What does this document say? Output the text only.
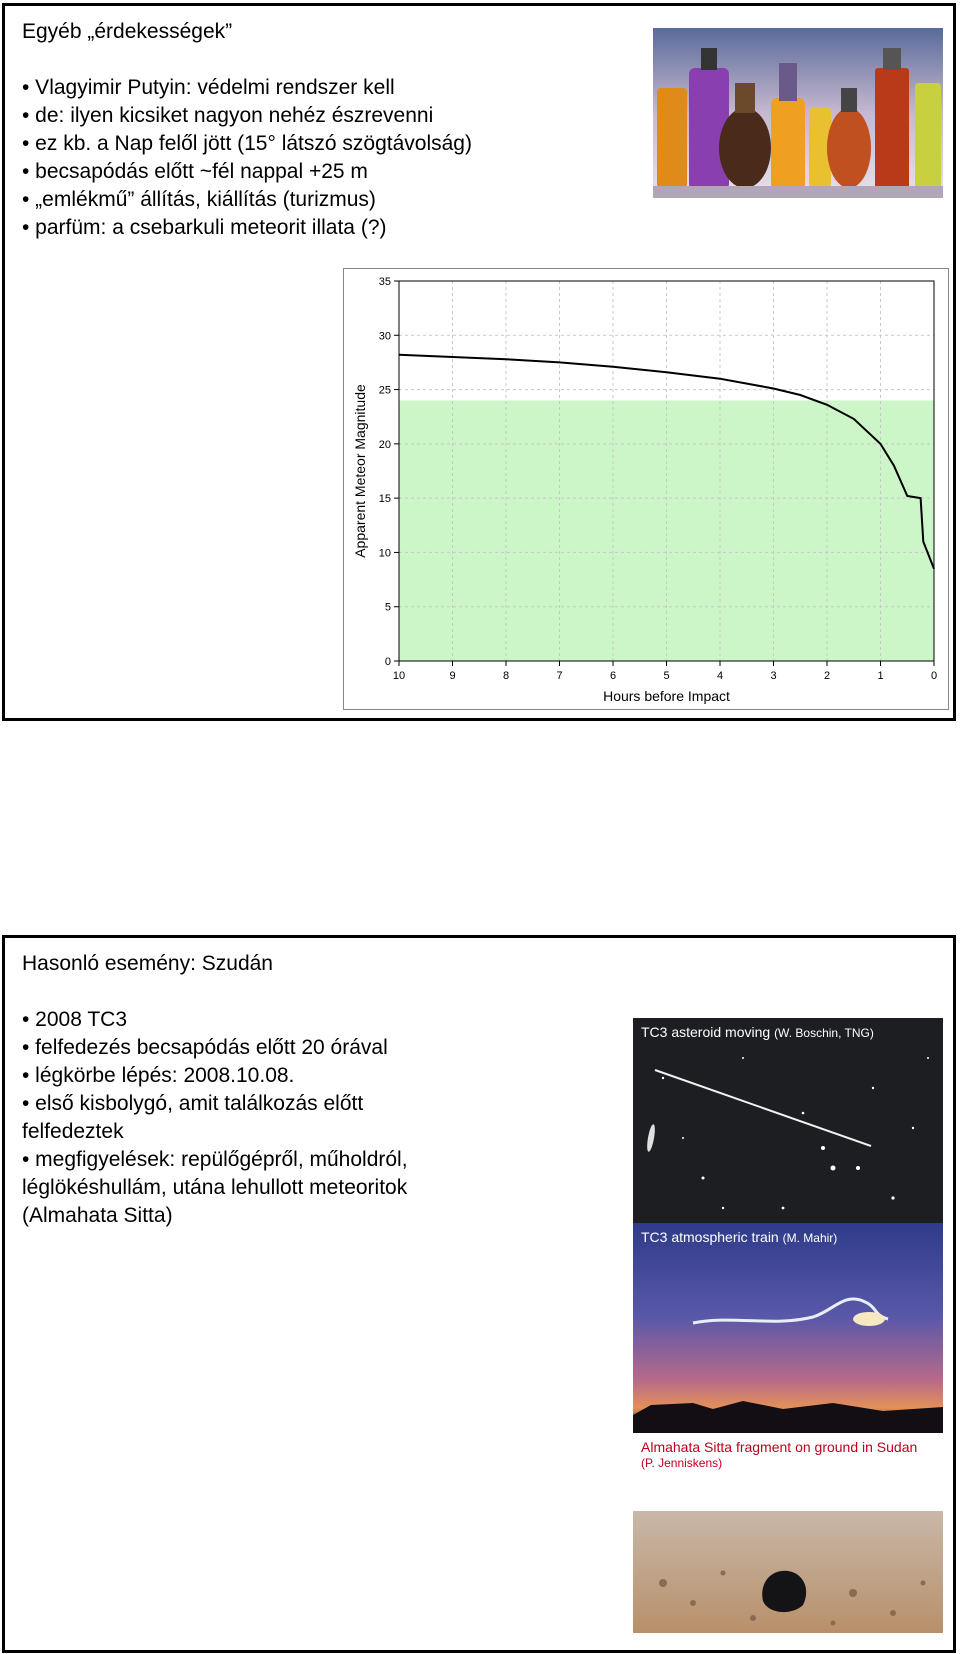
Egyéb „érdekességek”
• Vlagyimir Putyin: védelmi rendszer kell
• de: ilyen kicsiket nagyon nehéz észrevenni
• ez kb. a Nap felől jött (15° látszó szögtávolság)
• becsapódás előtt ~fél nappal +25 m
• „emlékmű” állítás, kiállítás (turizmus)
• parfüm: a csebarkuli meteorit illata (?)
10	9	8	7	6	5	4	3	2	1	0
0
5
10
15
20
25
30
35
Hours before Impact
Apparent Meteor Magnitude
Hasonló esemény: Szudán
• 2008 TC3
• felfedezés becsapódás előtt 20 órával
• légkörbe lépés: 2008.10.08.
• első kisbolygó, amit találkozás előtt felfedeztek
• megfigyelések: repülőgépről, műholdról, léglökéshullám, utána lehullott meteoritok (Almahata Sitta)
TC3 asteroid moving (W. Boschin, TNG)
TC3 atmospheric train (M. Mahir)
Almahata Sitta fragment on ground in Sudan
(P. Jenniskens)
